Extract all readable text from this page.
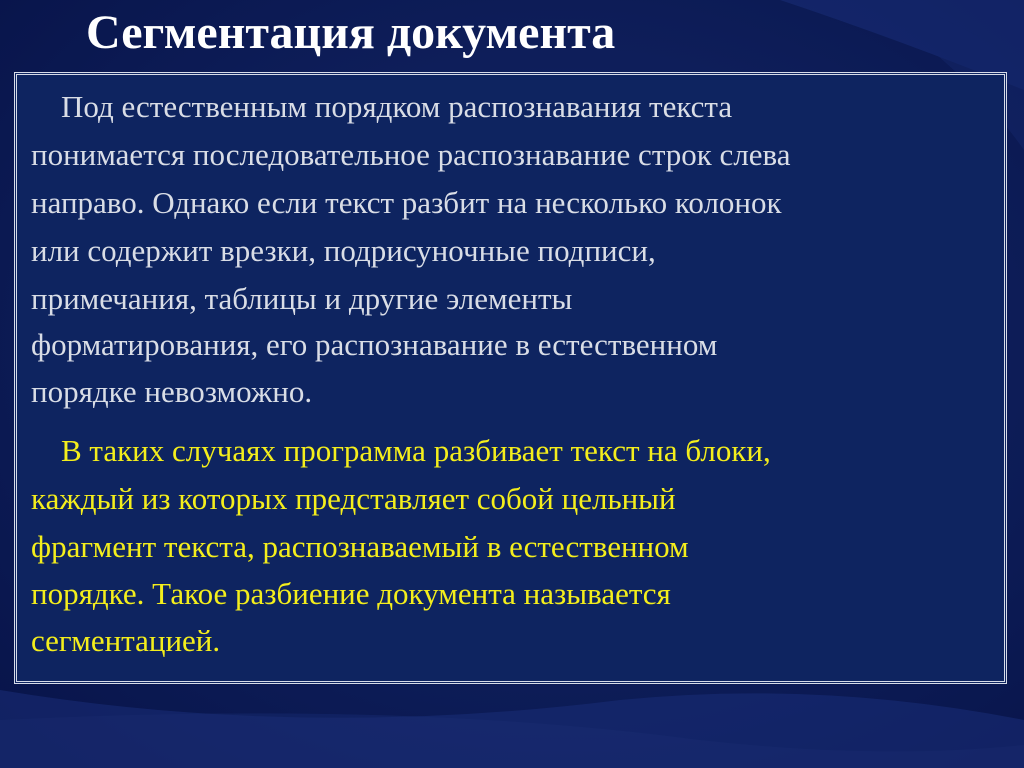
Сегментация документа

Под естественным порядком распознавания текста

понимается последовательное распознавание строк слева

направо. Однако если текст разбит на несколько колонок

или содержит врезки, подрисуночные подписи,

примечания, таблицы и другие элементы

форматирования, его распознавание в естественном

порядке невозможно.

В таких случаях программа разбивает текст на блоки,

каждый из которых представляет собой цельный

фрагмент текста, распознаваемый в естественном

порядке. Такое разбиение документа называется

сегментацией.
